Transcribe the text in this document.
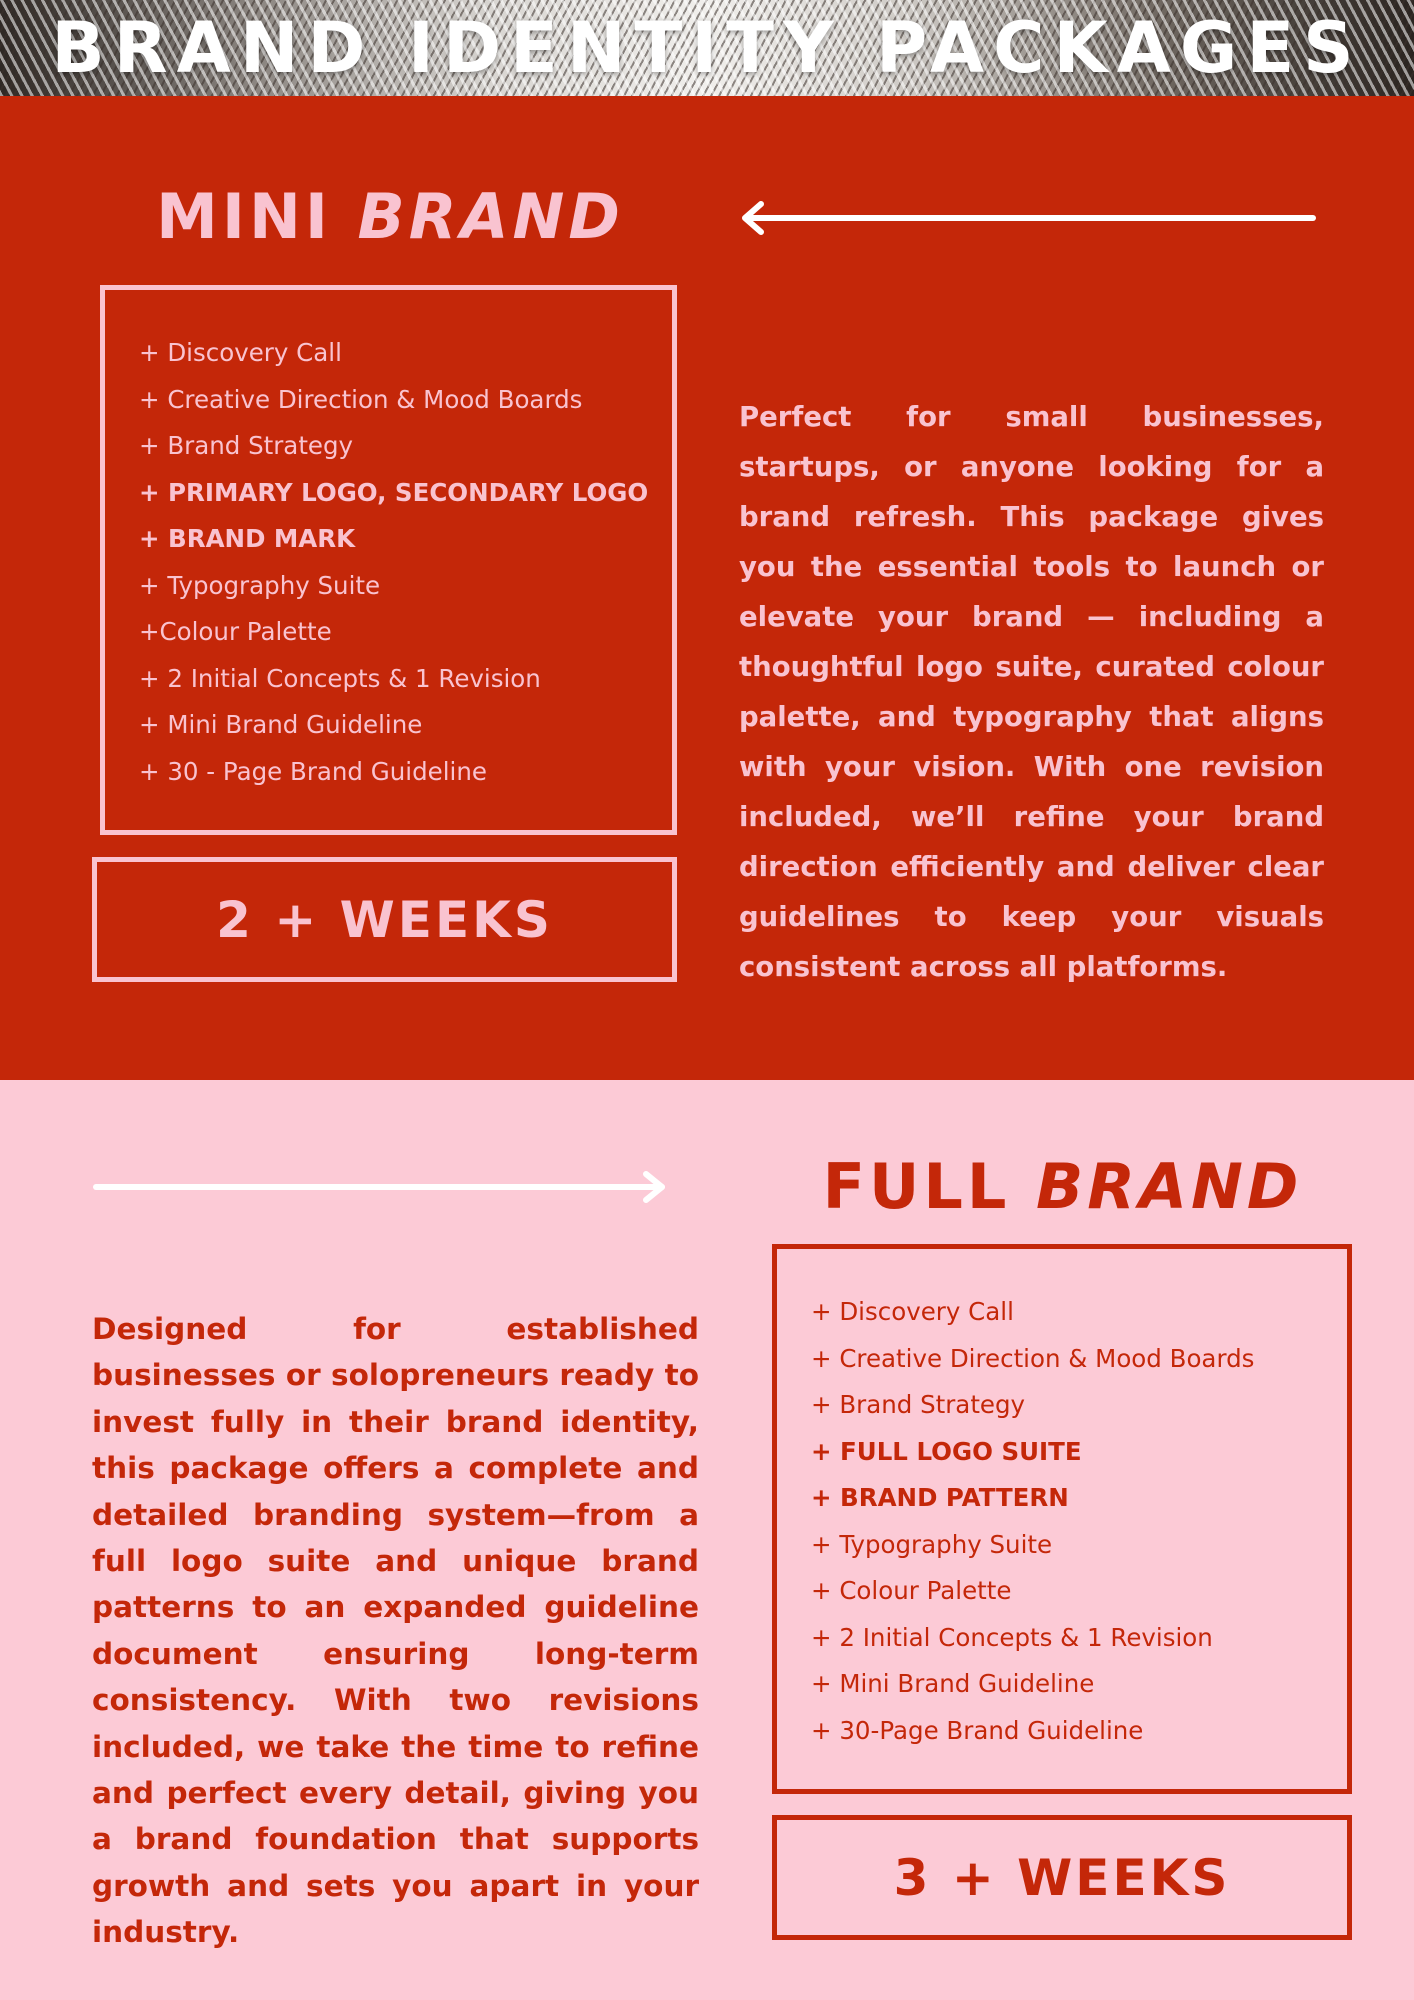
BRAND IDENTITY PACKAGES
MINI BRAND
+ Discovery Call
+ Creative Direction & Mood Boards
+ Brand Strategy
+ PRIMARY LOGO, SECONDARY LOGO
+ BRAND MARK
+ Typography Suite
+Colour Palette
+ 2 Initial Concepts & 1 Revision
+ Mini Brand Guideline
+ 30 - Page Brand Guideline
2 + WEEKS

Perfect for small businesses, startups, or anyone looking for a brand refresh. This package gives you the essential tools to launch or elevate your brand — including a thoughtful logo suite, curated colour palette, and typography that aligns with your vision. With one revision included, we’ll refine your brand direction efficiently and deliver clear guidelines to keep your visuals consistent across all platforms.

FULL BRAND

Designed for established businesses or solopreneurs ready to invest fully in their brand identity, this package offers a complete and detailed branding system—from a full logo suite and unique brand patterns to an expanded guideline document ensuring long-term consistency. With two revisions included, we take the time to refine and perfect every detail, giving you a brand foundation that supports growth and sets you apart in your industry.

+ Discovery Call
+ Creative Direction & Mood Boards
+ Brand Strategy
+ FULL LOGO SUITE
+ BRAND PATTERN
+ Typography Suite
+ Colour Palette
+ 2 Initial Concepts & 1 Revision
+ Mini Brand Guideline
+ 30-Page Brand Guideline
3 + WEEKS
